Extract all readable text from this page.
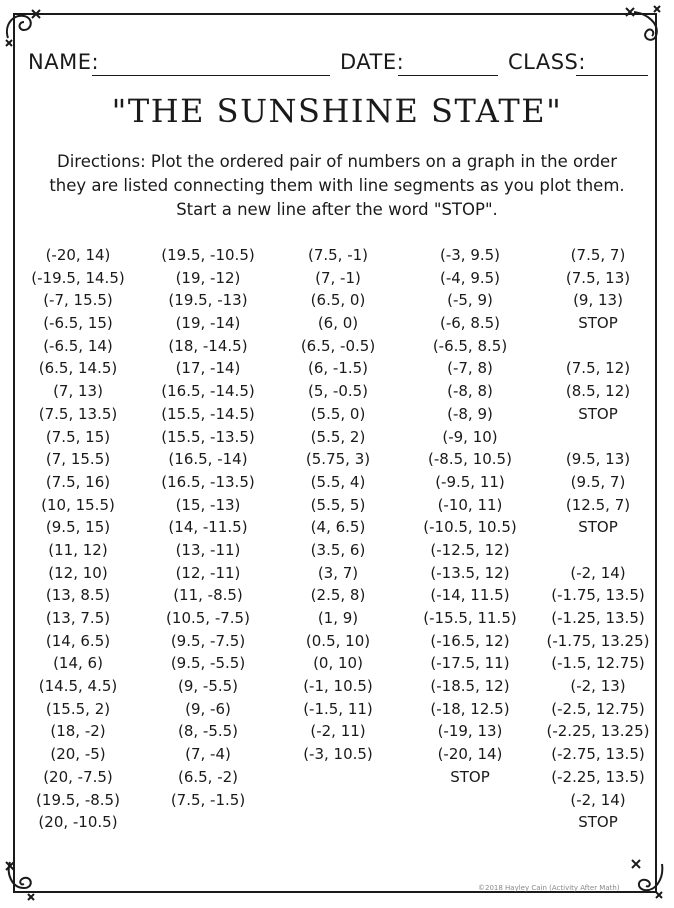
NAME:	DATE:	CLASS:
"THE SUNSHINE STATE"
Directions: Plot the ordered pair of numbers on a graph in the order
they are listed connecting them with line segments as you plot them.
Start a new line after the word "STOP".
(-20, 14)
(-19.5, 14.5)
(-7, 15.5)
(-6.5, 15)
(-6.5, 14)
(6.5, 14.5)
(7, 13)
(7.5, 13.5)
(7.5, 15)
(7, 15.5)
(7.5, 16)
(10, 15.5)
(9.5, 15)
(11, 12)
(12, 10)
(13, 8.5)
(13, 7.5)
(14, 6.5)
(14, 6)
(14.5, 4.5)
(15.5, 2)
(18, -2)
(20, -5)
(20, -7.5)
(19.5, -8.5)
(20, -10.5)
(19.5, -10.5)
(19, -12)
(19.5, -13)
(19, -14)
(18, -14.5)
(17, -14)
(16.5, -14.5)
(15.5, -14.5)
(15.5, -13.5)
(16.5, -14)
(16.5, -13.5)
(15, -13)
(14, -11.5)
(13, -11)
(12, -11)
(11, -8.5)
(10.5, -7.5)
(9.5, -7.5)
(9.5, -5.5)
(9, -5.5)
(9, -6)
(8, -5.5)
(7, -4)
(6.5, -2)
(7.5, -1.5)
(7.5, -1)
(7, -1)
(6.5, 0)
(6, 0)
(6.5, -0.5)
(6, -1.5)
(5, -0.5)
(5.5, 0)
(5.5, 2)
(5.75, 3)
(5.5, 4)
(5.5, 5)
(4, 6.5)
(3.5, 6)
(3, 7)
(2.5, 8)
(1, 9)
(0.5, 10)
(0, 10)
(-1, 10.5)
(-1.5, 11)
(-2, 11)
(-3, 10.5)
(-3, 9.5)
(-4, 9.5)
(-5, 9)
(-6, 8.5)
(-6.5, 8.5)
(-7, 8)
(-8, 8)
(-8, 9)
(-9, 10)
(-8.5, 10.5)
(-9.5, 11)
(-10, 11)
(-10.5, 10.5)
(-12.5, 12)
(-13.5, 12)
(-14, 11.5)
(-15.5, 11.5)
(-16.5, 12)
(-17.5, 11)
(-18.5, 12)
(-18, 12.5)
(-19, 13)
(-20, 14)
STOP
(7.5, 7)
(7.5, 13)
(9, 13)
STOP
(7.5, 12)
(8.5, 12)
STOP
(9.5, 13)
(9.5, 7)
(12.5, 7)
STOP
(-2, 14)
(-1.75, 13.5)
(-1.25, 13.5)
(-1.75, 13.25)
(-1.5, 12.75)
(-2, 13)
(-2.5, 12.75)
(-2.25, 13.25)
(-2.75, 13.5)
(-2.25, 13.5)
(-2, 14)
STOP
©2018 Hayley Cain (Activity After Math)
